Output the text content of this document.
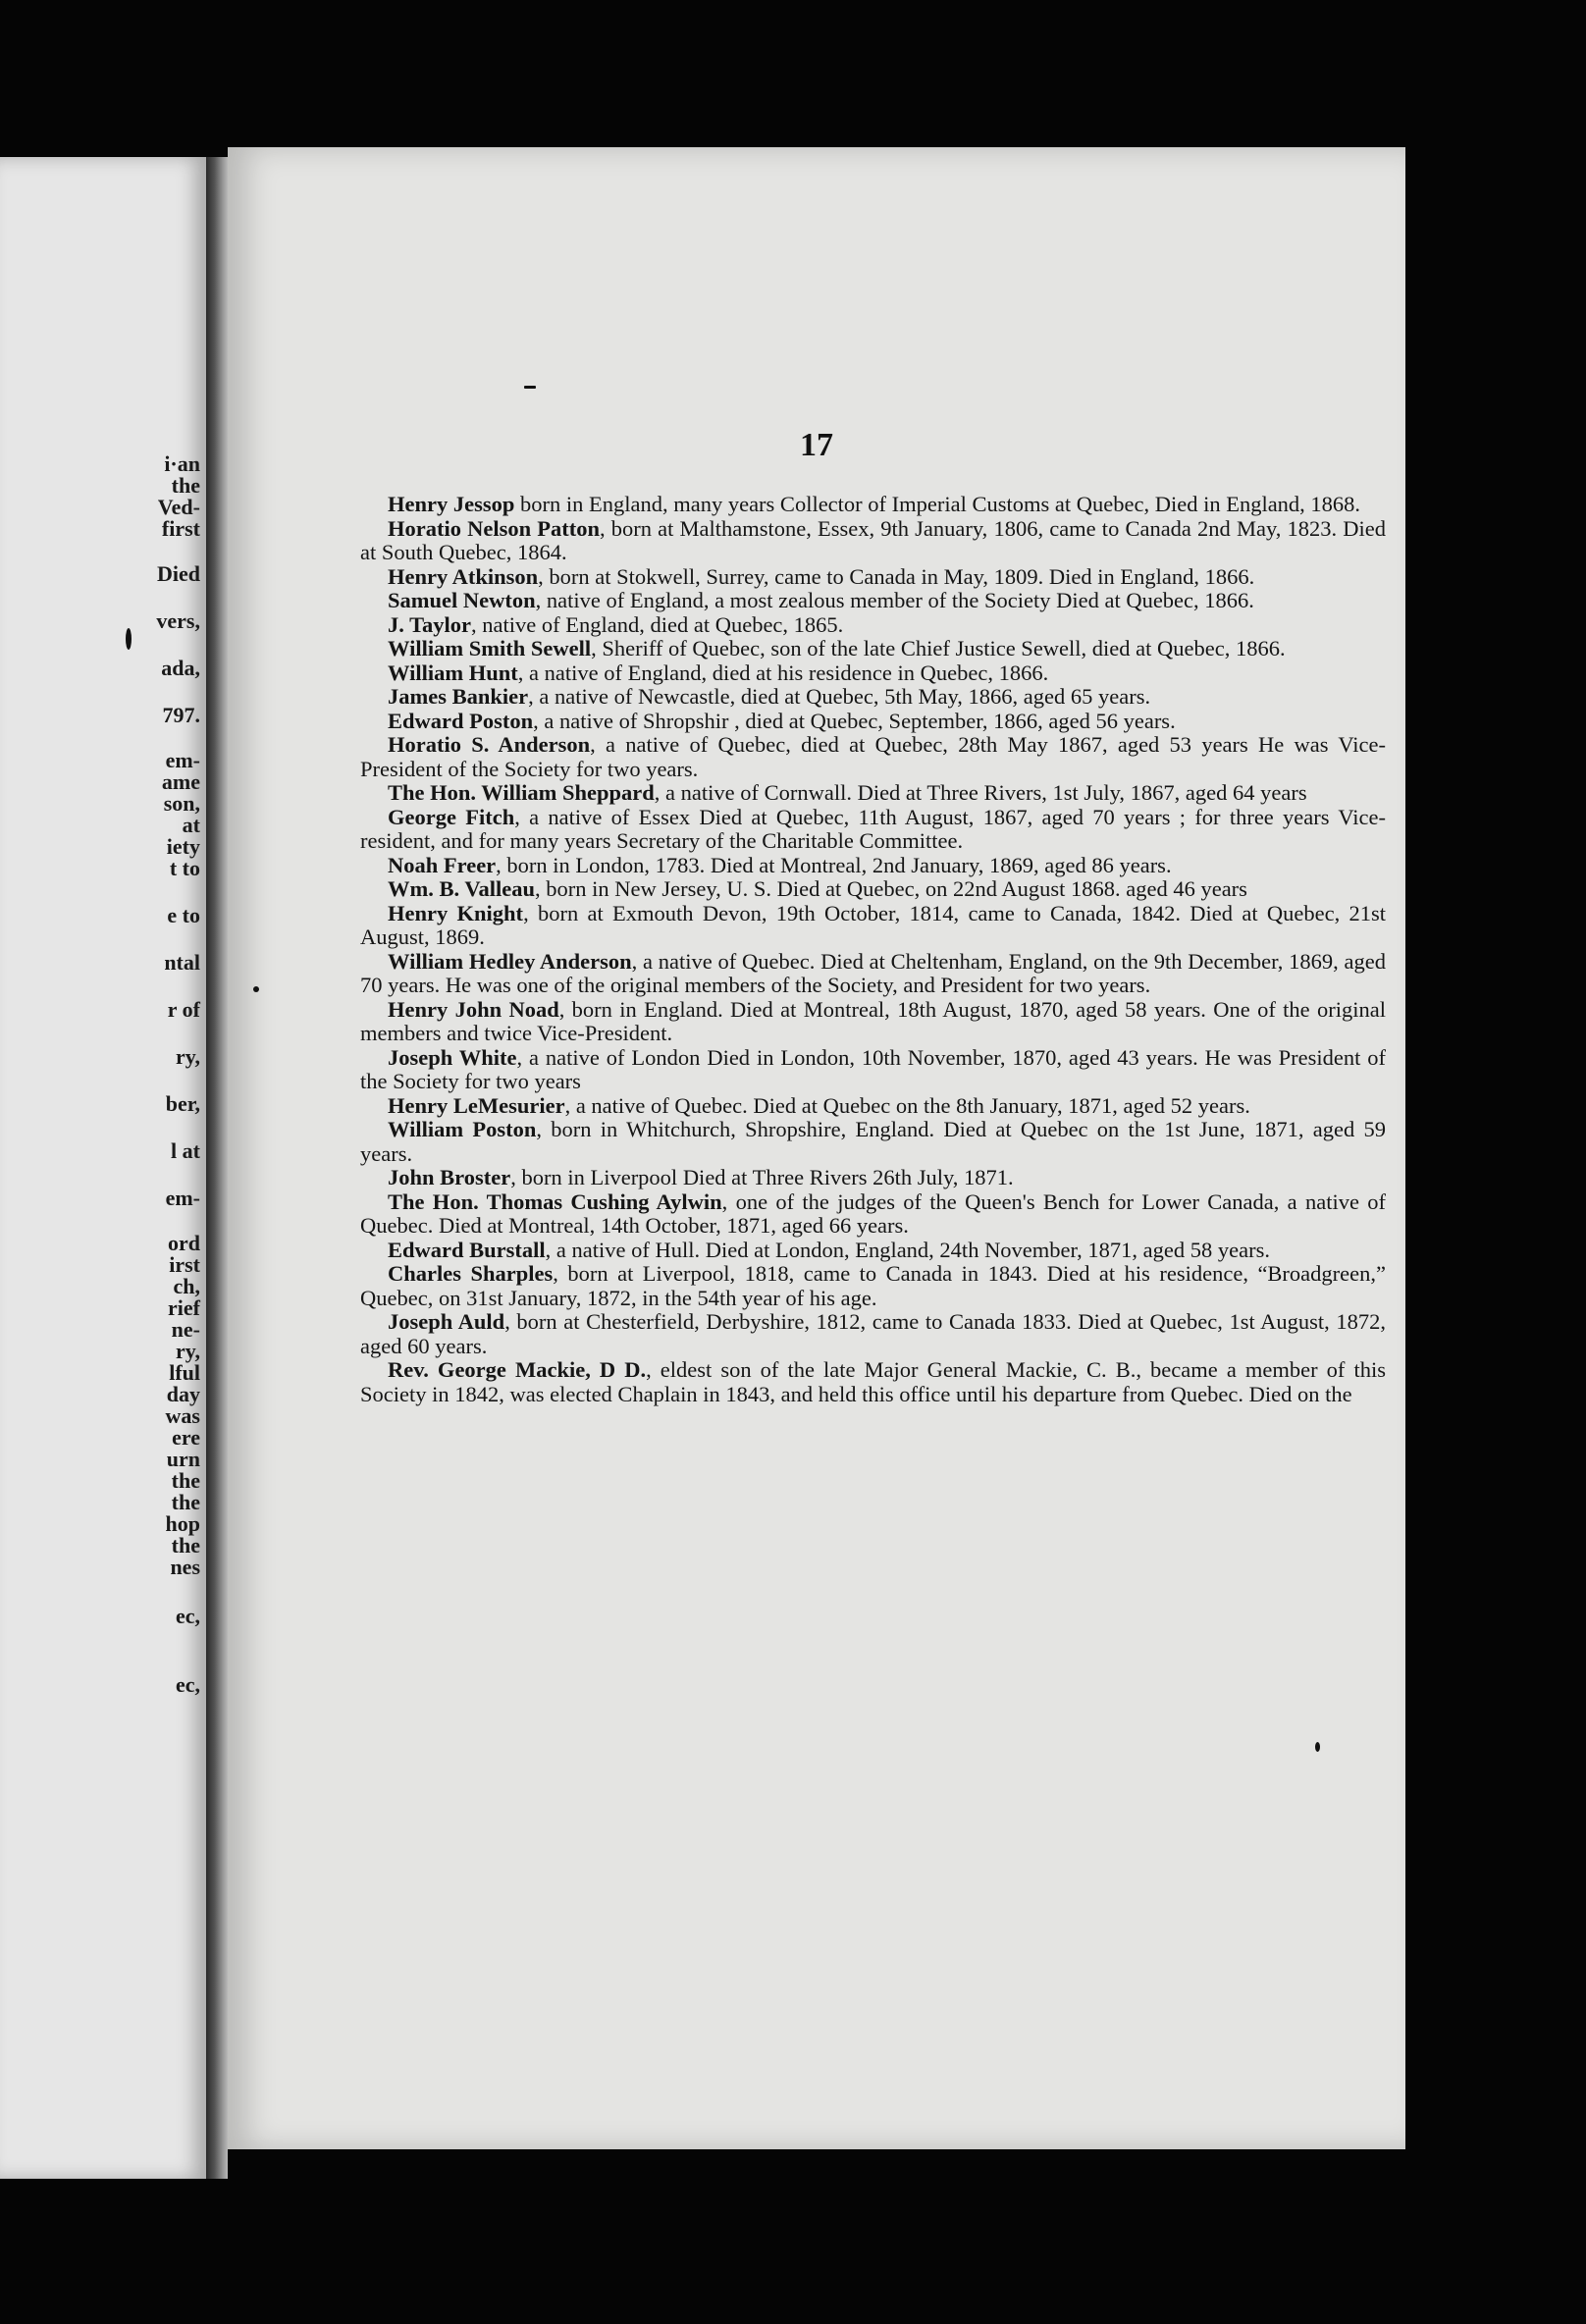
i·an
the
Ved-
first
Died
vers,
ada,
797.
em-
ame
son,
at
iety
t to
e to
ntal
r of
ry,
ber,
l at
em-
ord
irst
ch,
rief
ne-
ry,
lful
day
was
ere
urn
the
the
hop
the
nes
ec,
ec,
17

Henry Jessop born in England, many years Collector of Imperial Customs at Quebec, Died in England, 1868.

Horatio Nelson Patton, born at Malthamstone, Essex, 9th January, 1806, came to Canada 2nd May, 1823. Died at South Quebec, 1864.

Henry Atkinson, born at Stokwell, Surrey, came to Canada in May, 1809. Died in England, 1866.

Samuel Newton, native of England, a most zealous member of the Society Died at Quebec, 1866.

J. Taylor, native of England, died at Quebec, 1865.

William Smith Sewell, Sheriff of Quebec, son of the late Chief Justice Sewell, died at Quebec, 1866.

William Hunt, a native of England, died at his residence in Quebec, 1866.

James Bankier, a native of Newcastle, died at Quebec, 5th May, 1866, aged 65 years.

Edward Poston, a native of Shropshir , died at Quebec, September, 1866, aged 56 years.

Horatio S. Anderson, a native of Quebec, died at Quebec, 28th May 1867, aged 53 years He was Vice-President of the Society for two years.

The Hon. William Sheppard, a native of Cornwall. Died at Three Rivers, 1st July, 1867, aged 64 years

George Fitch, a native of Essex Died at Quebec, 11th August, 1867, aged 70 years ; for three years Vice- resident, and for many years Secretary of the Charitable Committee.

Noah Freer, born in London, 1783. Died at Montreal, 2nd January, 1869, aged 86 years.

Wm. B. Valleau, born in New Jersey, U. S. Died at Quebec, on 22nd August 1868. aged 46 years

Henry Knight, born at Exmouth Devon, 19th October, 1814, came to Canada, 1842. Died at Quebec, 21st August, 1869.

William Hedley Anderson, a native of Quebec. Died at Cheltenham, England, on the 9th December, 1869, aged 70 years. He was one of the original members of the Society, and President for two years.

Henry John Noad, born in England. Died at Montreal, 18th August, 1870, aged 58 years. One of the original members and twice Vice-President.

Joseph White, a native of London Died in London, 10th November, 1870, aged 43 years. He was President of the Society for two years

Henry LeMesurier, a native of Quebec. Died at Quebec on the 8th January, 1871, aged 52 years.

William Poston, born in Whitchurch, Shropshire, England. Died at Quebec on the 1st June, 1871, aged 59 years.

John Broster, born in Liverpool Died at Three Rivers 26th July, 1871.

The Hon. Thomas Cushing Aylwin, one of the judges of the Queen's Bench for Lower Canada, a native of Quebec. Died at Montreal, 14th October, 1871, aged 66 years.

Edward Burstall, a native of Hull. Died at London, England, 24th November, 1871, aged 58 years.

Charles Sharples, born at Liverpool, 1818, came to Canada in 1843. Died at his residence, “Broadgreen,” Quebec, on 31st January, 1872, in the 54th year of his age.

Joseph Auld, born at Chesterfield, Derbyshire, 1812, came to Canada 1833. Died at Quebec, 1st August, 1872, aged 60 years.

Rev. George Mackie, D D., eldest son of the late Major General Mackie, C. B., became a member of this Society in 1842, was elected Chaplain in 1843, and held this office until his departure from Quebec. Died on the
